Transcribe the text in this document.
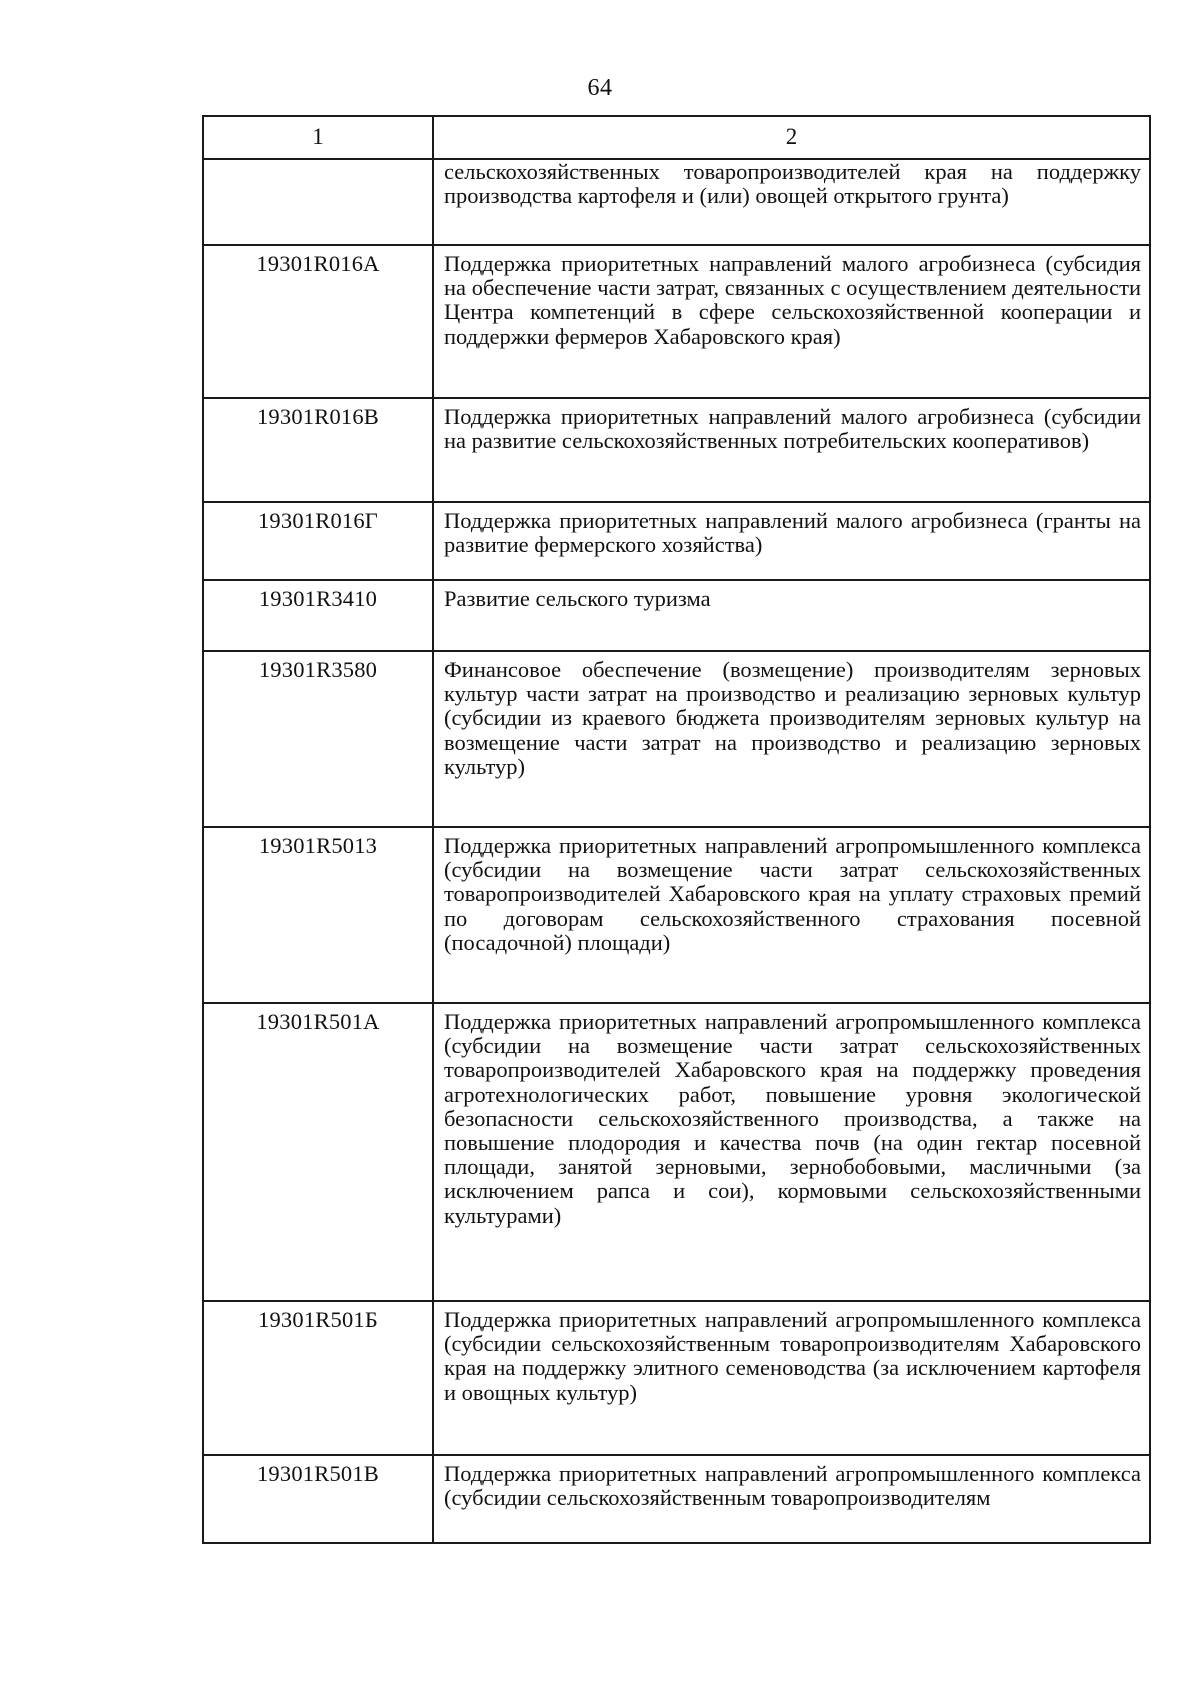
64
1	2
	сельскохозяйственных товаропроизводителей края на поддержку производства картофеля и (или) овощей открытого грунта)
19301R016А	Поддержка приоритетных направлений малого агробизнеса (субсидия на обеспечение части затрат, связанных с осуществлением деятельности Центра компетенций в сфере сельскохозяйственной кооперации и поддержки фермеров Хабаровского края)
19301R016В	Поддержка приоритетных направлений малого агробизнеса (субсидии на развитие сельскохозяйственных потребительских кооперативов)
19301R016Г	Поддержка приоритетных направлений малого агробизнеса (гранты на развитие фермерского хозяйства)
19301R3410	Развитие сельского туризма
19301R3580	Финансовое обеспечение (возмещение) производителям зерновых культур части затрат на производство и реализацию зерновых культур (субсидии из краевого бюджета производителям зерновых культур на возмещение части затрат на производство и реализацию зерновых культур)
19301R5013	Поддержка приоритетных направлений агропромышленного комплекса (субсидии на возмещение части затрат сельскохозяйственных товаропроизводителей Хабаровского края на уплату страховых премий по договорам сельскохозяйственного страхования посевной (посадочной) площади)
19301R501А	Поддержка приоритетных направлений агропромышленного комплекса (субсидии на возмещение части затрат сельскохозяйственных товаропроизводителей Хабаровского края на поддержку проведения агротехнологических работ, повышение уровня экологической безопасности сельскохозяйственного производства, а также на повышение плодородия и качества почв (на один гектар посевной площади, занятой зерновыми, зернобобовыми, масличными (за исключением рапса и сои), кормовыми сельскохозяйственными культурами)
19301R501Б	Поддержка приоритетных направлений агропромышленного комплекса (субсидии сельскохозяйственным товаропроизводителям Хабаровского края на поддержку элитного семеноводства (за исключением картофеля и овощных культур)
19301R501В	Поддержка приоритетных направлений агропромышленного комплекса (субсидии сельскохозяйственным товаропроизводителям
